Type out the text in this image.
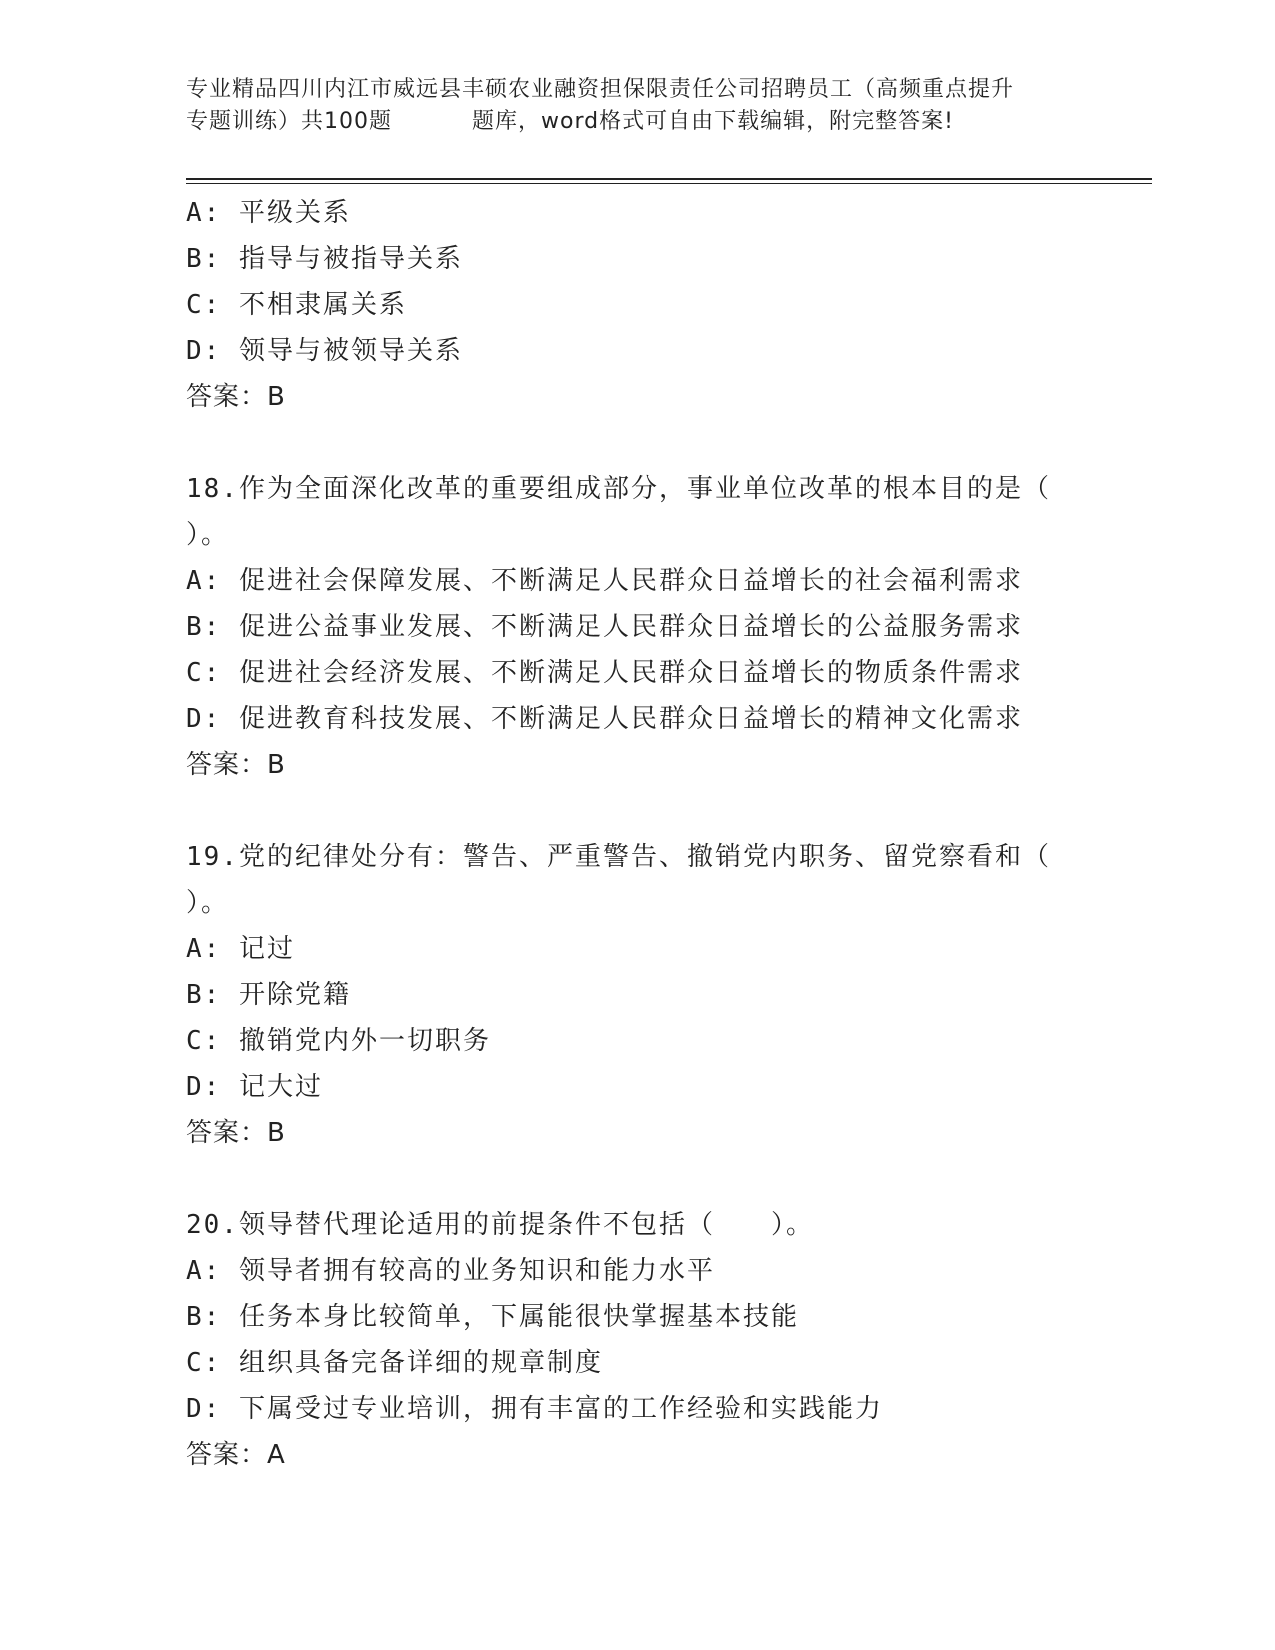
专业精品四川内江市威远县丰硕农业融资担保限责任公司招聘员工（高频重点提升
专题训练）共100题	题库，word格式可自由下载编辑，附完整答案!
A: 平级关系
B: 指导与被指导关系
C: 不相隶属关系
D: 领导与被领导关系
答案：B
18.作为全面深化改革的重要组成部分，事业单位改革的根本目的是（
）。
A: 促进社会保障发展、不断满足人民群众日益增长的社会福利需求
B: 促进公益事业发展、不断满足人民群众日益增长的公益服务需求
C: 促进社会经济发展、不断满足人民群众日益增长的物质条件需求
D: 促进教育科技发展、不断满足人民群众日益增长的精神文化需求
答案：B
19.党的纪律处分有：警告、严重警告、撤销党内职务、留党察看和（
）。
A: 记过
B: 开除党籍
C: 撤销党内外一切职务
D: 记大过
答案：B
20.领导替代理论适用的前提条件不包括（　　）。
A: 领导者拥有较高的业务知识和能力水平
B: 任务本身比较简单，下属能很快掌握基本技能
C: 组织具备完备详细的规章制度
D: 下属受过专业培训，拥有丰富的工作经验和实践能力
答案：A
